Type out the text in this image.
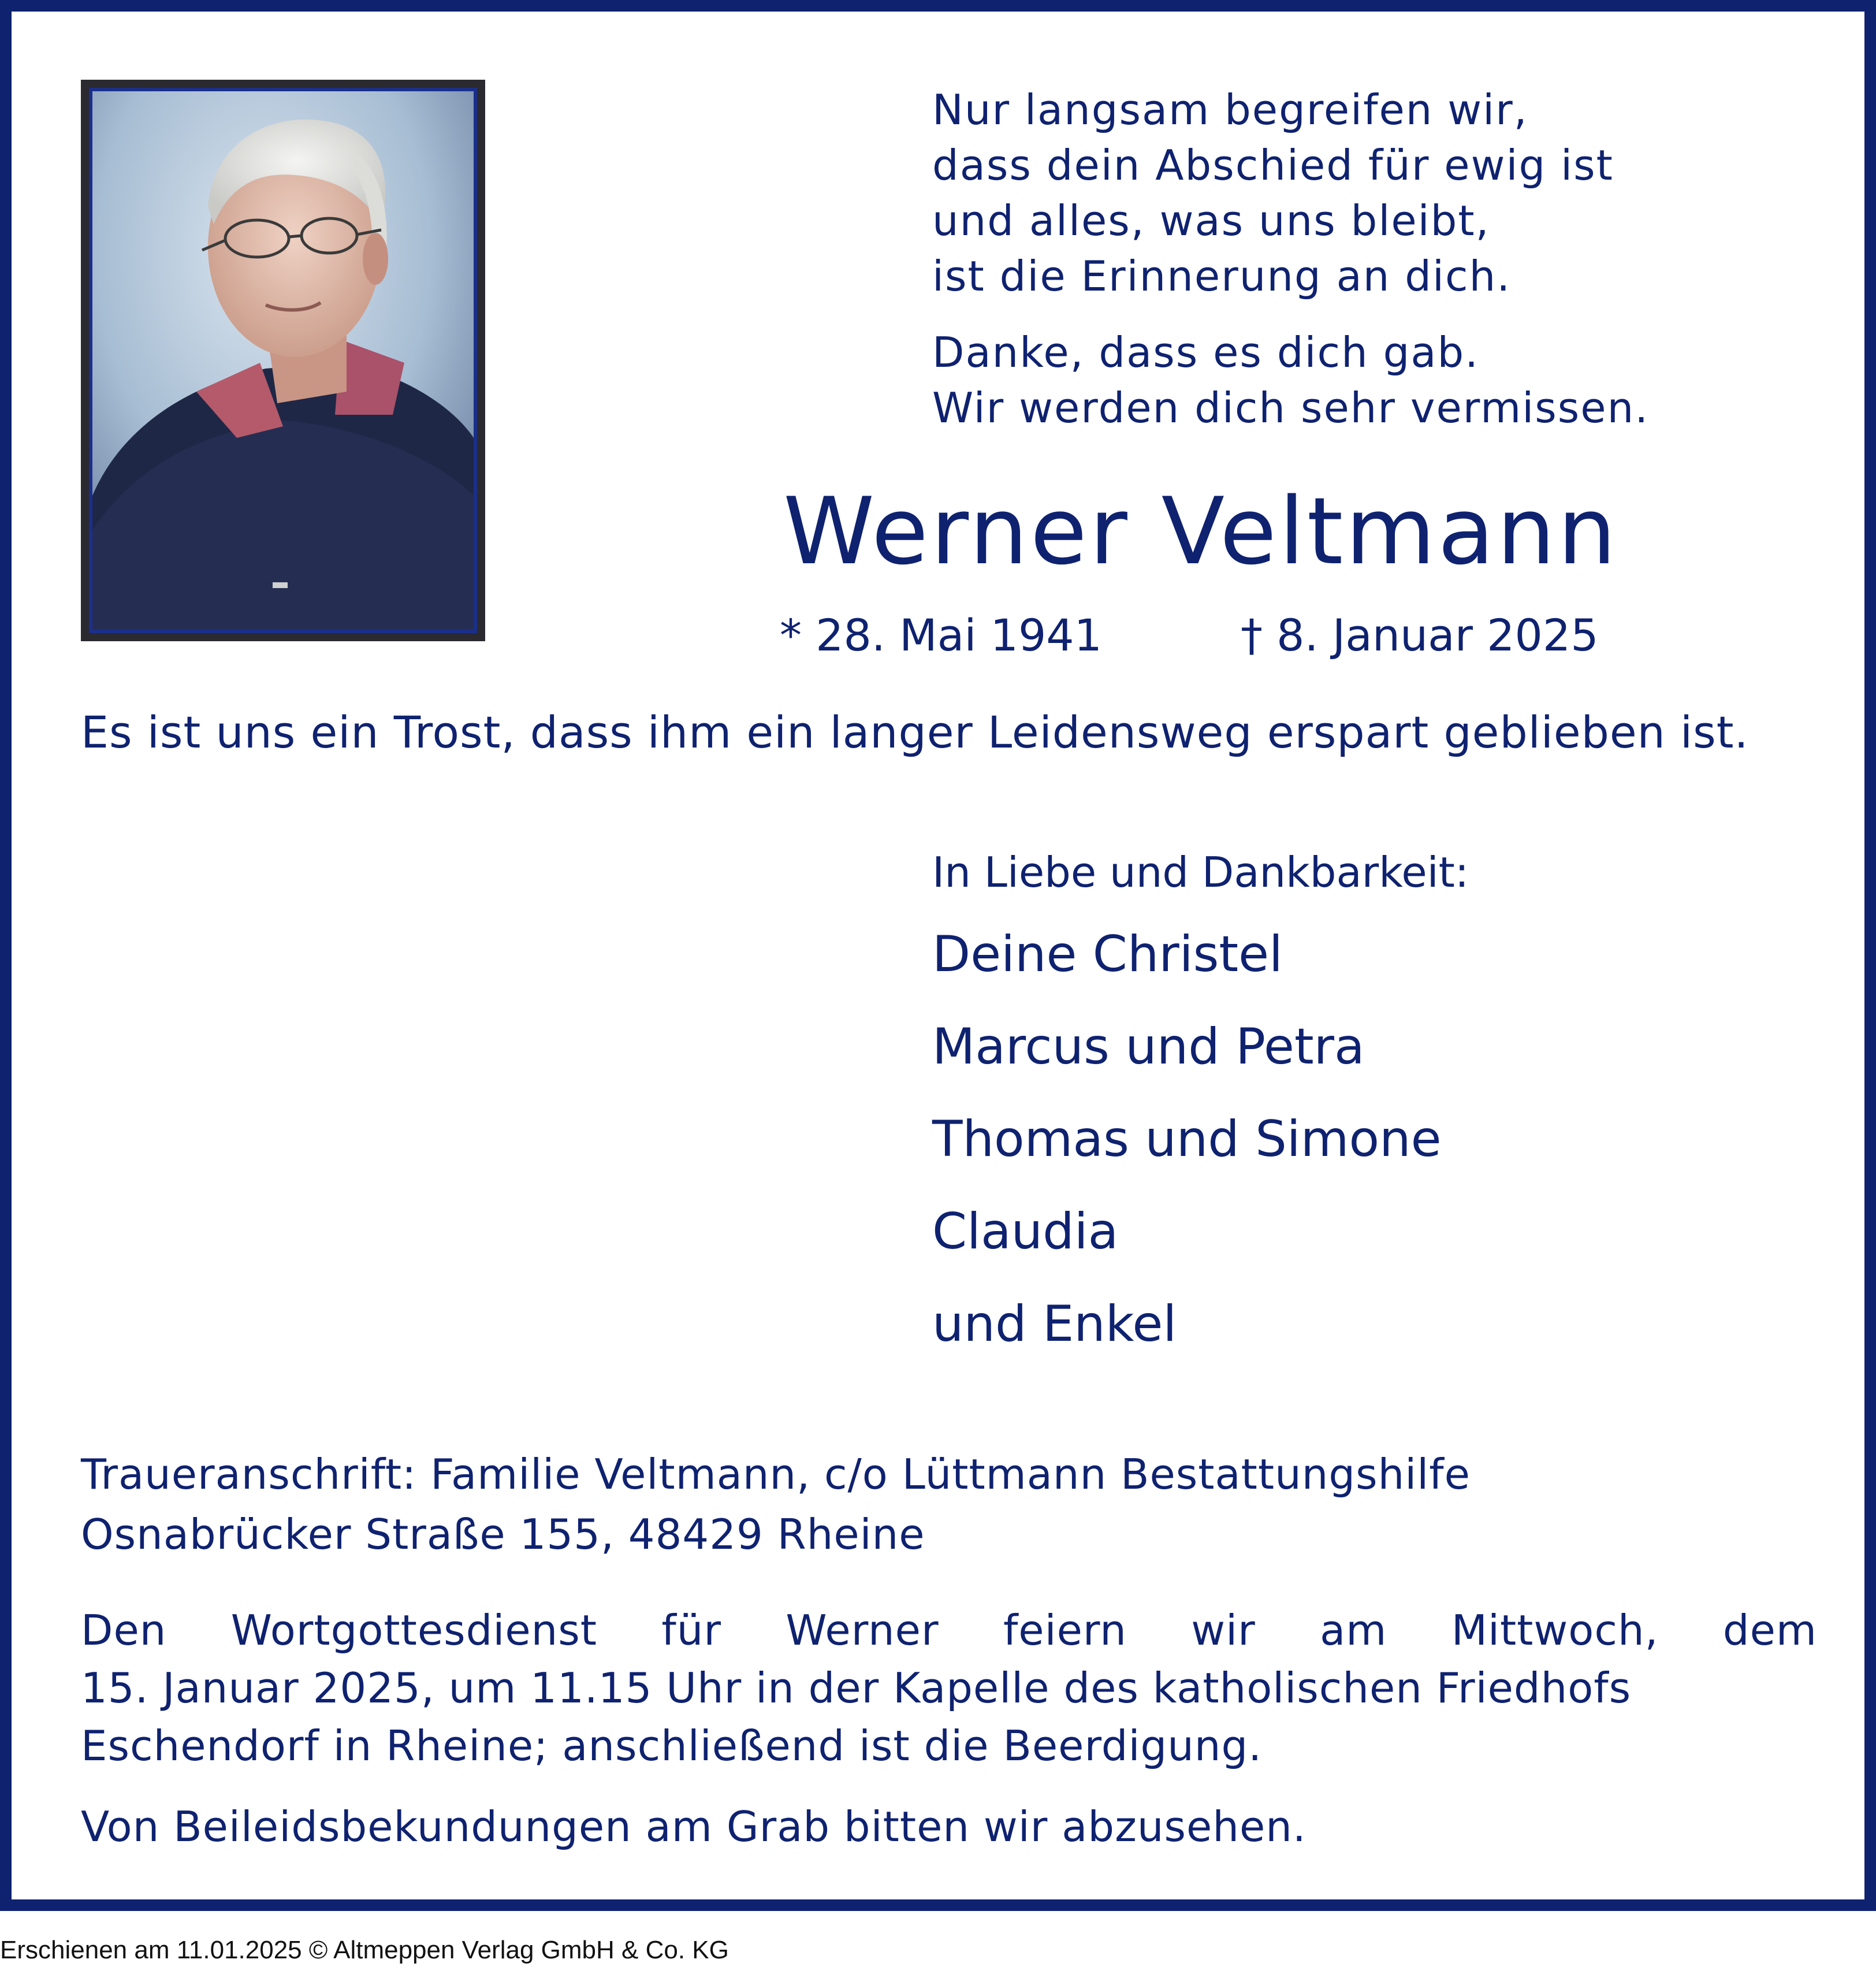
Nur langsam begreifen wir,
dass dein Abschied für ewig ist
und alles, was uns bleibt,
ist die Erinnerung an dich.
Danke, dass es dich gab.
Wir werden dich sehr vermissen.
Werner Veltmann
* 28. Mai 1941	† 8. Januar 2025
Es ist uns ein Trost, dass ihm ein langer Leidensweg erspart geblieben ist.
In Liebe und Dankbarkeit:
Deine Christel
Marcus und Petra
Thomas und Simone
Claudia
und Enkel
Traueranschrift: Familie Veltmann, c/o Lüttmann Bestattungshilfe
Osnabrücker Straße 155, 48429 Rheine
Den Wortgottesdienst für Werner feiern wir am Mittwoch, dem
15. Januar 2025, um 11.15 Uhr in der Kapelle des katholischen Friedhofs
Eschendorf in Rheine; anschließend ist die Beerdigung.
Von Beileidsbekundungen am Grab bitten wir abzusehen.
Erschienen am 11.01.2025 © Altmeppen Verlag GmbH & Co. KG
